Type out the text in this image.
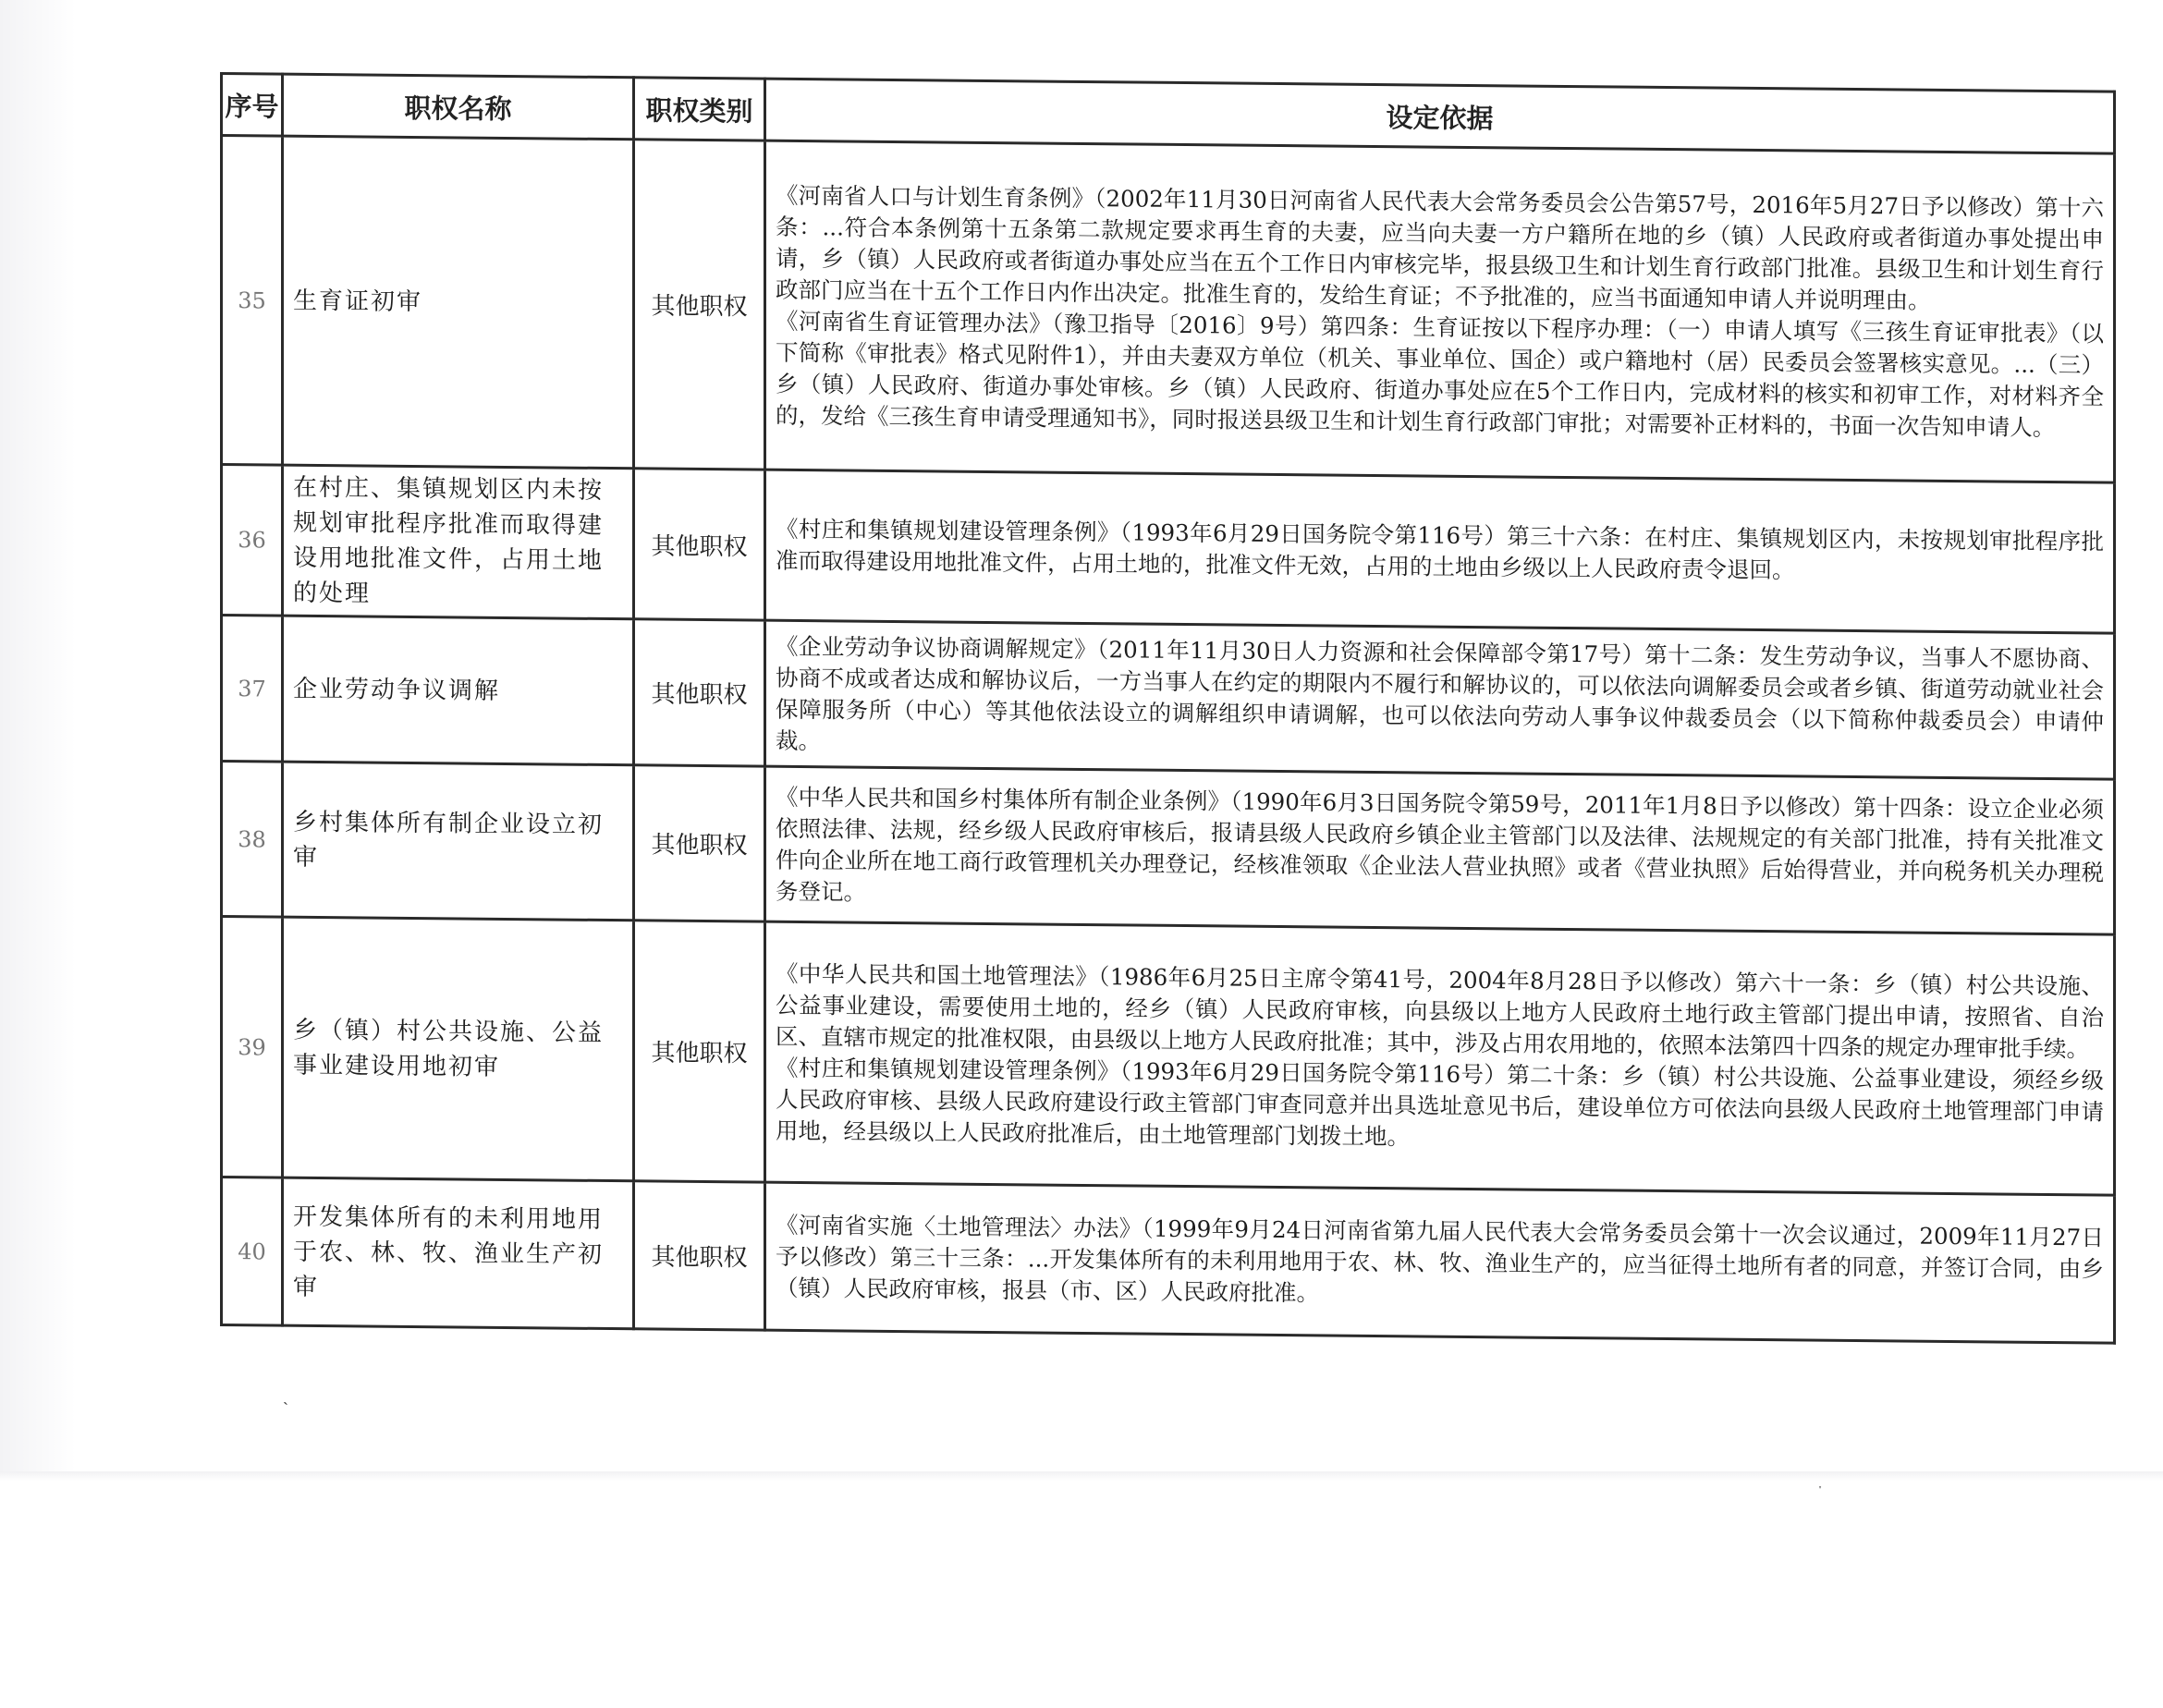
序号	职权名称	职权类别	设定依据
35	生育证初审	其他职权	《河南省人口与计划生育条例》（2002年11月30日河南省人民代表大会常务委员会公告第57号，2016年5月27日予以修改）第十六条：...符合本条例第十五条第二款规定要求再生育的夫妻，应当向夫妻一方户籍所在地的乡（镇）人民政府或者街道办事处提出申请，乡（镇）人民政府或者街道办事处应当在五个工作日内审核完毕，报县级卫生和计划生育行政部门批准。县级卫生和计划生育行政部门应当在十五个工作日内作出决定。批准生育的，发给生育证；不予批准的，应当书面通知申请人并说明理由。

《河南省生育证管理办法》（豫卫指导〔2016〕9号）第四条：生育证按以下程序办理：（一）申请人填写《三孩生育证审批表》（以下简称《审批表》格式见附件1），并由夫妻双方单位（机关、事业单位、国企）或户籍地村（居）民委员会签署核实意见。...（三）乡（镇）人民政府、街道办事处审核。乡（镇）人民政府、街道办事处应在5个工作日内，完成材料的核实和初审工作，对材料齐全的，发给《三孩生育申请受理通知书》，同时报送县级卫生和计划生育行政部门审批；对需要补正材料的，书面一次告知申请人。

36	在村庄、集镇规划区内未按规划审批程序批准而取得建设用地批准文件，占用土地的处理	其他职权	《村庄和集镇规划建设管理条例》（1993年6月29日国务院令第116号）第三十六条：在村庄、集镇规划区内，未按规划审批程序批准而取得建设用地批准文件，占用土地的，批准文件无效，占用的土地由乡级以上人民政府责令退回。

37	企业劳动争议调解	其他职权	《企业劳动争议协商调解规定》（2011年11月30日人力资源和社会保障部令第17号）第十二条：发生劳动争议，当事人不愿协商、协商不成或者达成和解协议后，一方当事人在约定的期限内不履行和解协议的，可以依法向调解委员会或者乡镇、街道劳动就业社会保障服务所（中心）等其他依法设立的调解组织申请调解，也可以依法向劳动人事争议仲裁委员会（以下简称仲裁委员会）申请仲裁。

38	乡村集体所有制企业设立初审	其他职权	《中华人民共和国乡村集体所有制企业条例》（1990年6月3日国务院令第59号，2011年1月8日予以修改）第十四条：设立企业必须依照法律、法规，经乡级人民政府审核后，报请县级人民政府乡镇企业主管部门以及法律、法规规定的有关部门批准，持有关批准文件向企业所在地工商行政管理机关办理登记，经核准领取《企业法人营业执照》或者《营业执照》后始得营业，并向税务机关办理税务登记。

39	乡（镇）村公共设施、公益事业建设用地初审	其他职权	《中华人民共和国土地管理法》（1986年6月25日主席令第41号，2004年8月28日予以修改）第六十一条：乡（镇）村公共设施、公益事业建设，需要使用土地的，经乡（镇）人民政府审核，向县级以上地方人民政府土地行政主管部门提出申请，按照省、自治区、直辖市规定的批准权限，由县级以上地方人民政府批准；其中，涉及占用农用地的，依照本法第四十四条的规定办理审批手续。

《村庄和集镇规划建设管理条例》（1993年6月29日国务院令第116号）第二十条：乡（镇）村公共设施、公益事业建设，须经乡级人民政府审核、县级人民政府建设行政主管部门审查同意并出具选址意见书后，建设单位方可依法向县级人民政府土地管理部门申请用地，经县级以上人民政府批准后，由土地管理部门划拨土地。

40	开发集体所有的未利用地用于农、林、牧、渔业生产初审	其他职权	《河南省实施〈土地管理法〉办法》（1999年9月24日河南省第九届人民代表大会常务委员会第十一次会议通过，2009年11月27日予以修改）第三十三条：...开发集体所有的未利用地用于农、林、牧、渔业生产的，应当征得土地所有者的同意，并签订合同，由乡（镇）人民政府审核，报县（市、区）人民政府批准。

ˏ
ˑ
